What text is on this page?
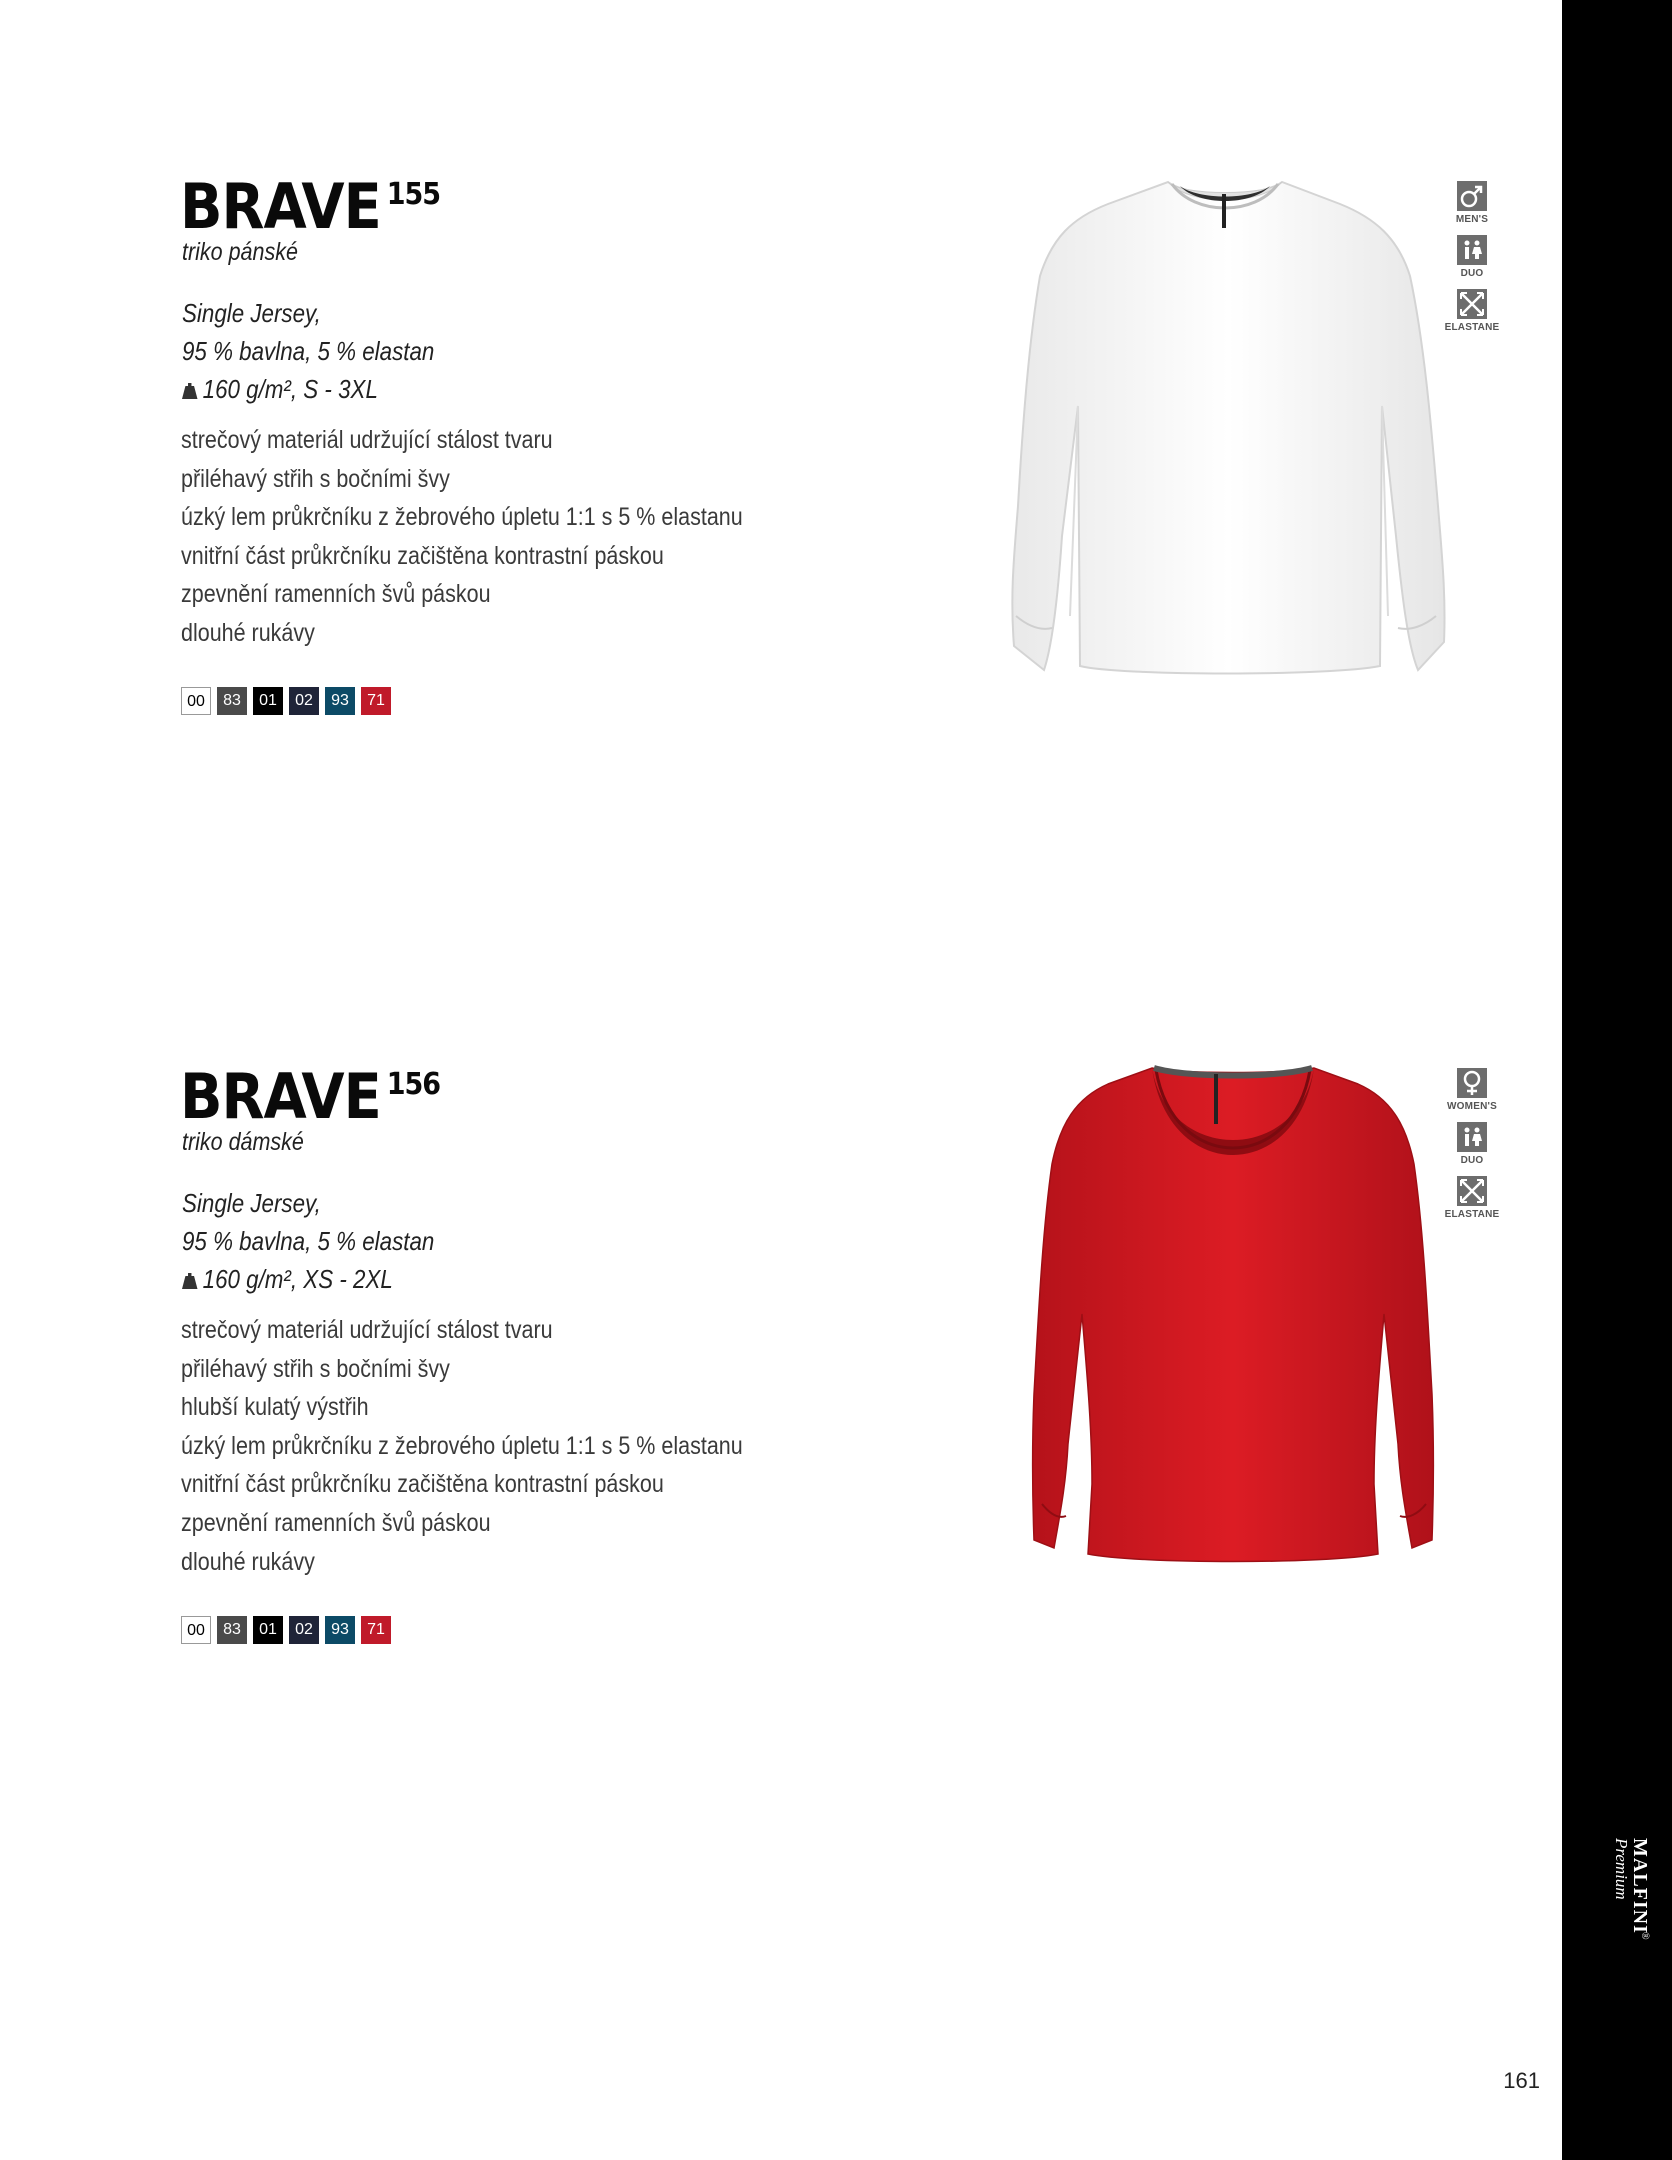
BRAVE $^{155}$
triko pánské
Single Jersey,
95 % bavlna, 5 % elastan
160 g/m², S - 3XL
strečový materiál udržující stálost tvaru
přiléhavý střih s bočními švy
úzký lem průkrčníku z žebrového úpletu 1:1 s 5 % elastanu
vnitřní část průkrčníku začištěna kontrastní páskou
zpevnění ramenních švů páskou
dlouhé rukávy
00	83	01	02	93	71
MEN'S
DUO
ELASTANE
BRAVE $^{156}$
triko dámské
Single Jersey,
95 % bavlna, 5 % elastan
160 g/m², XS - 2XL
strečový materiál udržující stálost tvaru
přiléhavý střih s bočními švy
hlubší kulatý výstřih
úzký lem průkrčníku z žebrového úpletu 1:1 s 5 % elastanu
vnitřní část průkrčníku začištěna kontrastní páskou
zpevnění ramenních švů páskou
dlouhé rukávy
00	83	01	02	93	71
WOMEN'S
DUO
ELASTANE
MALFINI
®
Premium
161
